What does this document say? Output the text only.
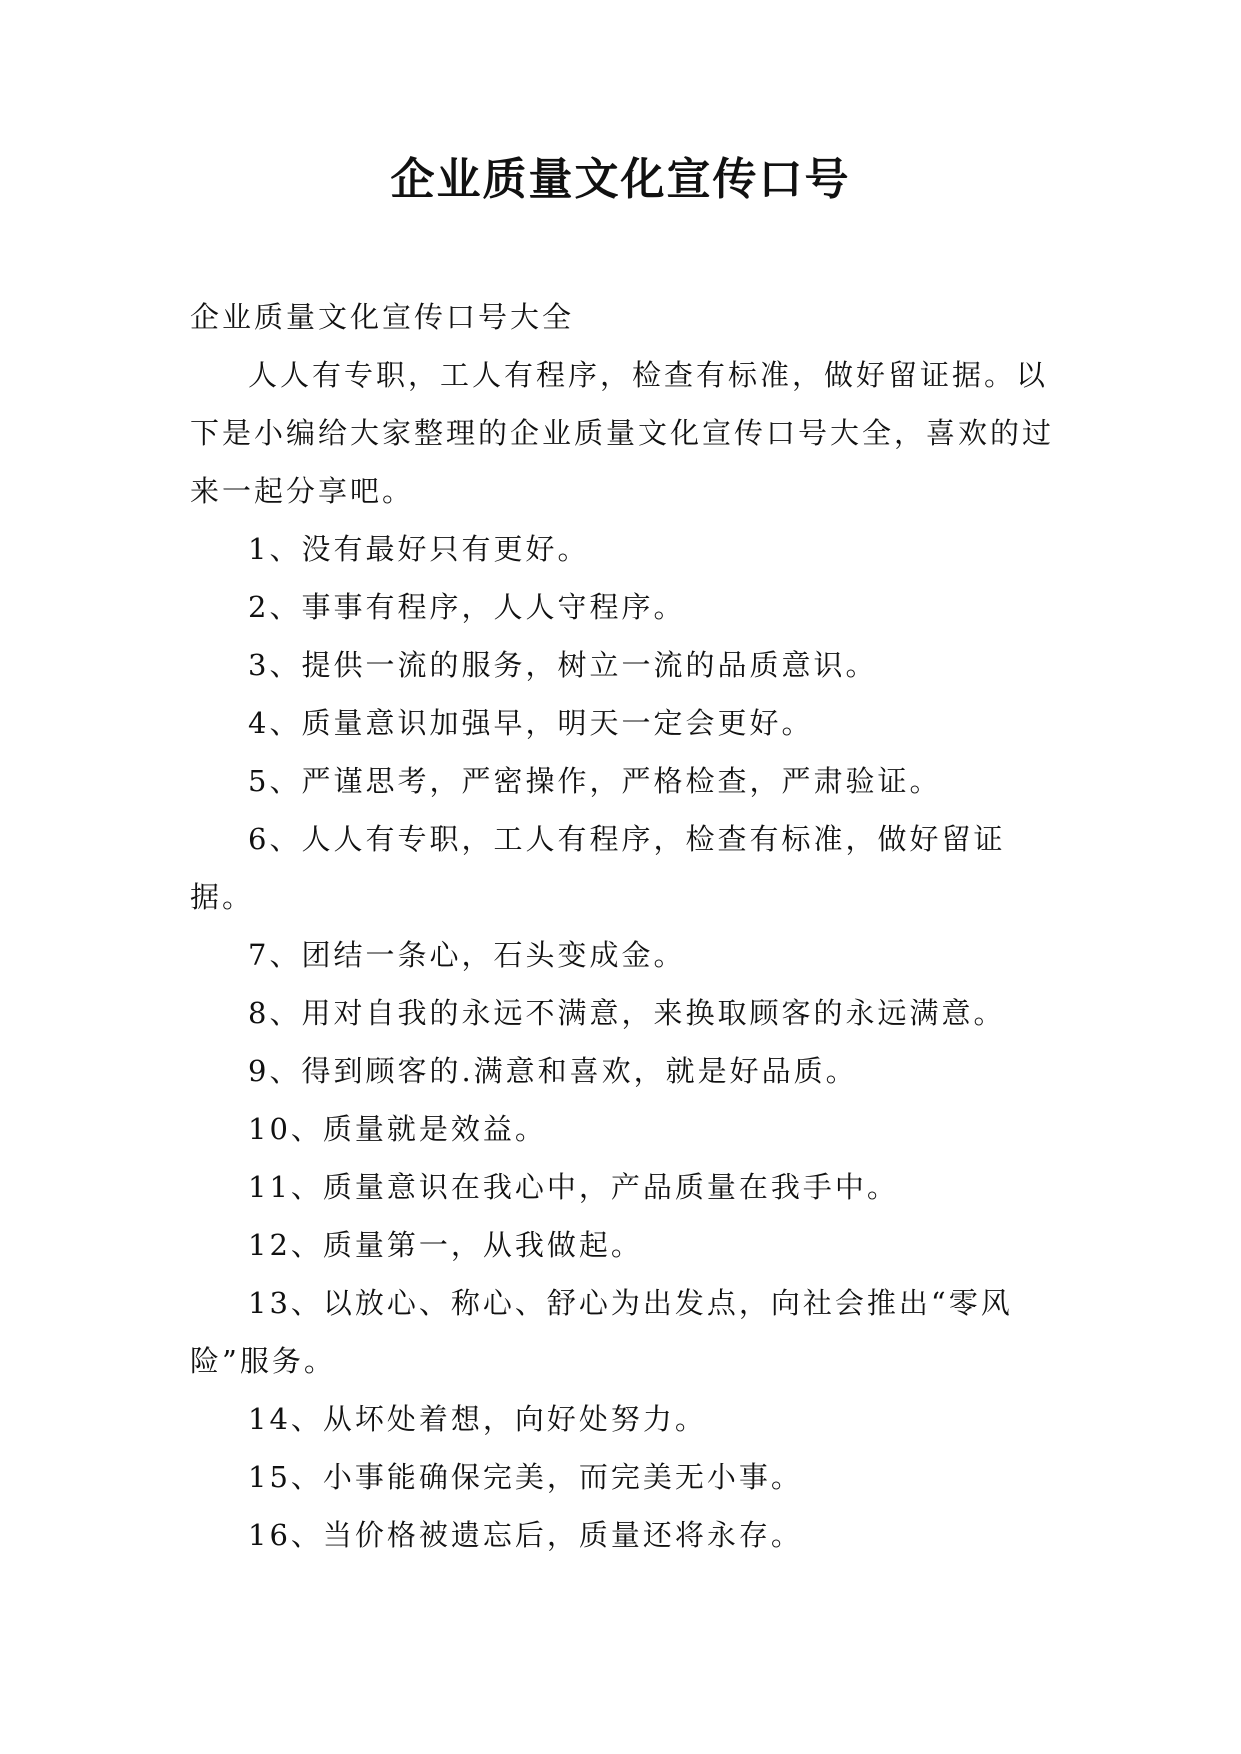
企业质量文化宣传口号

企业质量文化宣传口号大全

人人有专职，工人有程序，检查有标准，做好留证据。以下是小编给大家整理的企业质量文化宣传口号大全，喜欢的过来一起分享吧。

1、没有最好只有更好。

2、事事有程序，人人守程序。

3、提供一流的服务，树立一流的品质意识。

4、质量意识加强早，明天一定会更好。

5、严谨思考，严密操作，严格检查，严肃验证。

6、人人有专职，工人有程序，检查有标准，做好留证据。

7、团结一条心，石头变成金。

8、用对自我的永远不满意，来换取顾客的永远满意。

9、得到顾客的.满意和喜欢，就是好品质。

10、质量就是效益。

11、质量意识在我心中，产品质量在我手中。

12、质量第一，从我做起。

13、以放心、称心、舒心为出发点，向社会推出“零风险”服务。

14、从坏处着想，向好处努力。

15、小事能确保完美，而完美无小事。

16、当价格被遗忘后，质量还将永存。
